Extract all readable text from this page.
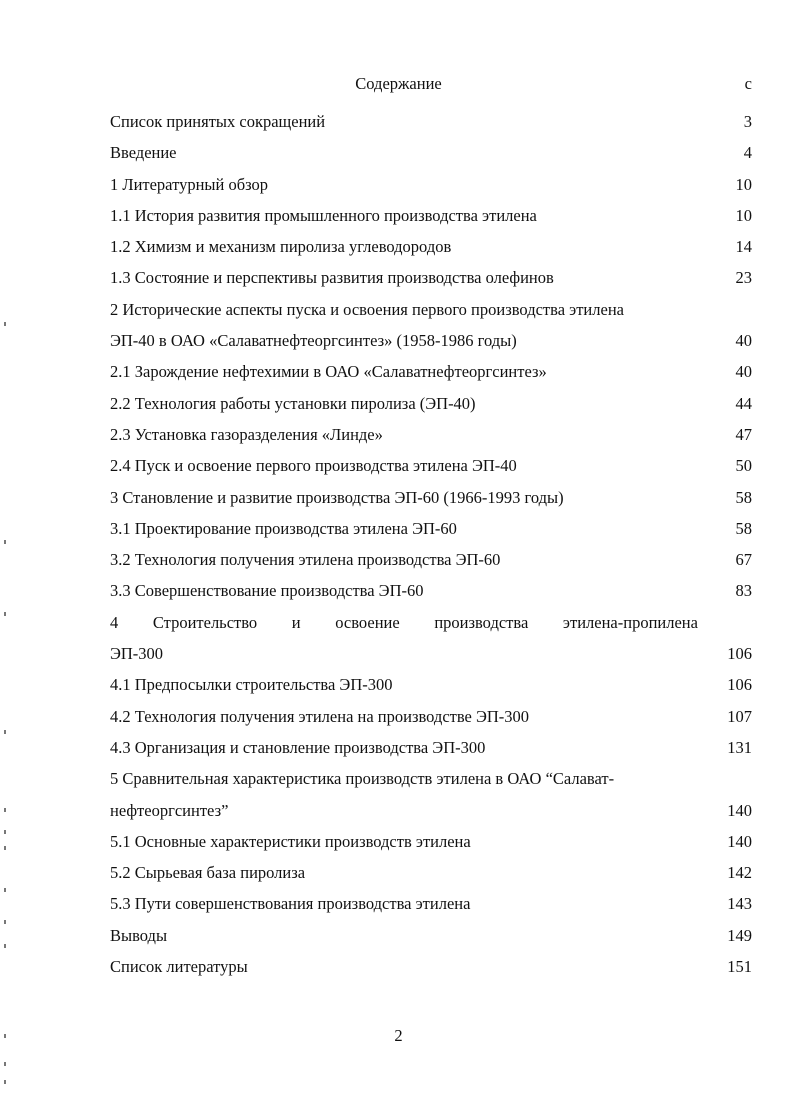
Содержание	с
Список принятых сокращений	3
Введение	4
1 Литературный обзор	10
1.1 История развития промышленного производства этилена	10
1.2 Химизм и механизм пиролиза углеводородов	14
1.3 Состояние и перспективы развития производства олефинов	23
2 Исторические аспекты пуска и освоения первого производства этилена
ЭП-40 в ОАО «Салаватнефтеоргсинтез» (1958-1986 годы)	40
2.1 Зарождение нефтехимии в ОАО «Салаватнефтеоргсинтез»	40
2.2 Технология работы установки пиролиза (ЭП-40)	44
2.3 Установка газоразделения «Линде»	47
2.4 Пуск и освоение первого производства этилена ЭП-40	50
3 Становление и развитие производства ЭП-60 (1966-1993 годы)	58
3.1 Проектирование производства этилена ЭП-60	58
3.2 Технология получения этилена производства ЭП-60	67
3.3 Совершенствование производства ЭП-60	83
4 Строительство и освоение производства этилена-пропилена
ЭП-300	106
4.1 Предпосылки строительства ЭП-300	106
4.2 Технология получения этилена на производстве ЭП-300	107
4.3 Организация и становление производства ЭП-300	131
5 Сравнительная характеристика производств этилена в ОАО “Салават-
нефтеоргсинтез”	140
5.1 Основные характеристики производств этилена	140
5.2 Сырьевая база пиролиза	142
5.3 Пути совершенствования производства этилена	143
Выводы	149
Список литературы	151
2
